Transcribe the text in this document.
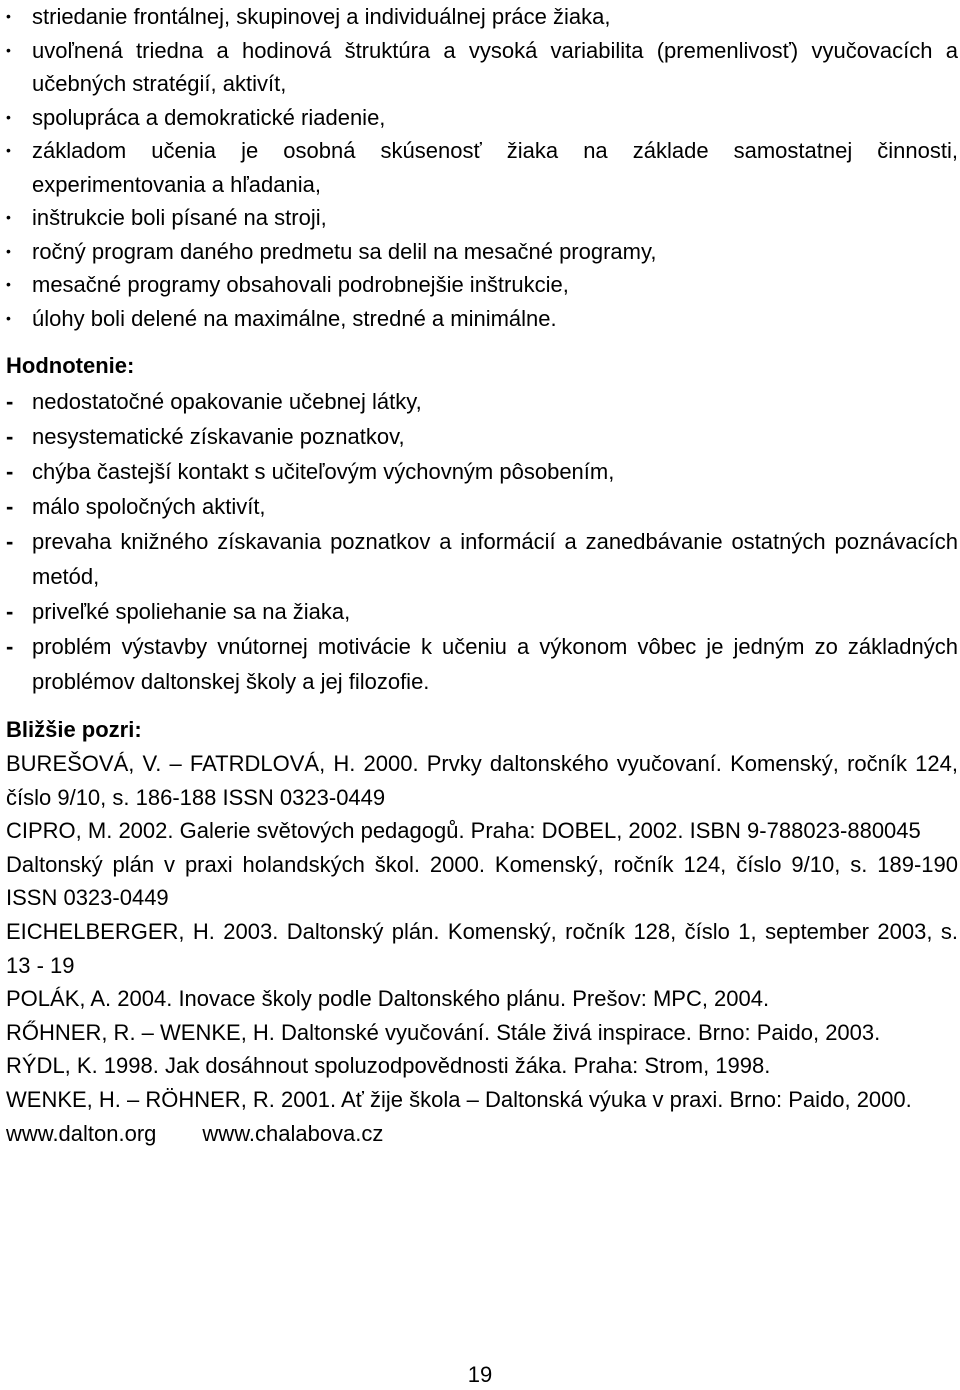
• striedanie frontálnej, skupinovej a individuálnej práce žiaka,
• uvoľnená triedna a hodinová štruktúra a vysoká variabilita (premenlivosť) vyučovacích a učebných stratégií, aktivít,
• spolupráca a demokratické riadenie,
• základom učenia je osobná skúsenosť žiaka na základe samostatnej činnosti, experimentovania a hľadania,
• inštrukcie boli písané na stroji,
• ročný program daného predmetu sa delil na mesačné programy,
• mesačné programy obsahovali podrobnejšie inštrukcie,
• úlohy boli delené na maximálne, stredné a minimálne.
Hodnotenie:
- nedostatočné opakovanie učebnej látky,
- nesystematické získavanie poznatkov,
- chýba častejší kontakt s učiteľovým výchovným pôsobením,
- málo spoločných aktivít,
- prevaha knižného získavania poznatkov a informácií a zanedbávanie ostatných poznávacích metód,
- priveľké spoliehanie sa na žiaka,
- problém výstavby vnútornej motivácie k učeniu a výkonom vôbec je jedným zo základných problémov daltonskej školy a jej filozofie.
Bližšie pozri:
BUREŠOVÁ, V. – FATRDLOVÁ, H. 2000. Prvky daltonského vyučovaní. Komenský, ročník 124, číslo 9/10, s. 186-188 ISSN 0323-0449
CIPRO, M. 2002. Galerie světových pedagogů. Praha: DOBEL, 2002. ISBN 9-788023-880045
Daltonský plán v praxi holandských škol. 2000. Komenský, ročník 124, číslo 9/10, s. 189-190 ISSN 0323-0449
EICHELBERGER, H. 2003. Daltonský plán. Komenský, ročník 128, číslo 1, september 2003, s. 13 - 19
POLÁK, A. 2004. Inovace školy podle Daltonského plánu. Prešov: MPC, 2004.
RŐHNER, R. – WENKE, H. Daltonské vyučování. Stále živá inspirace. Brno: Paido, 2003.
RÝDL, K. 1998. Jak dosáhnout spoluzodpovědnosti žáka. Praha: Strom, 1998.
WENKE, H. – RÖHNER, R. 2001. Ať žije škola – Daltonská výuka v praxi. Brno: Paido, 2000.
www.dalton.org www.chalabova.cz
19
